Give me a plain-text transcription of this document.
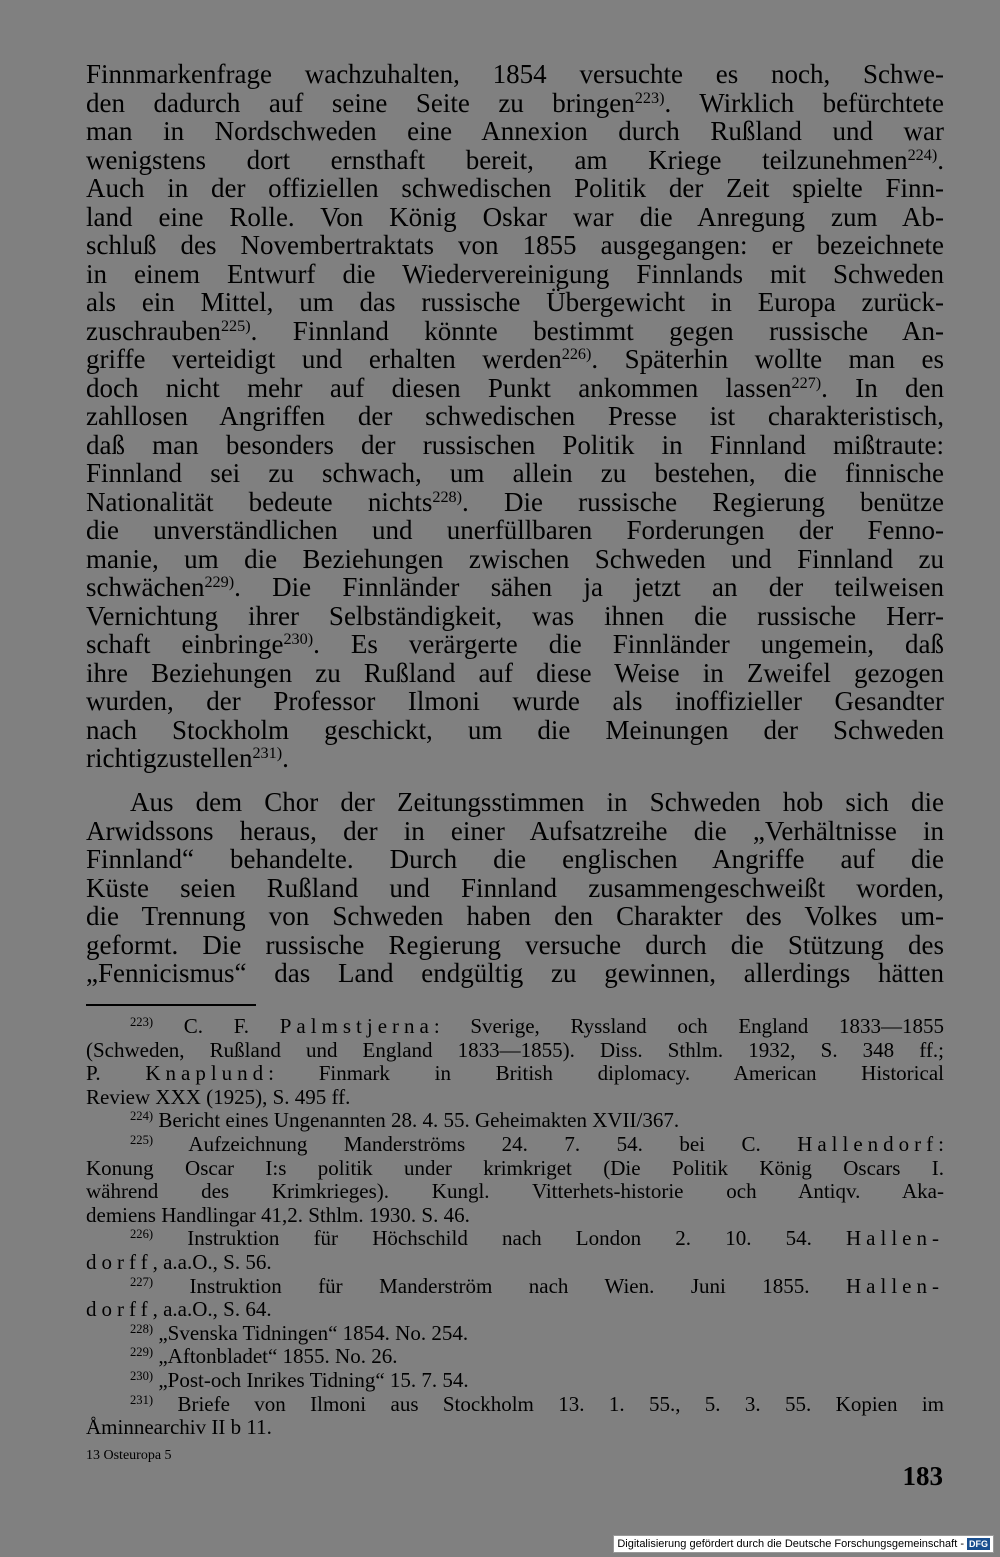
Finnmarkenfrage wachzuhalten, 1854 versuchte es noch, Schwe-
den dadurch auf seine Seite zu bringen$^{223)}$. Wirklich befürchtete
man in Nordschweden eine Annexion durch Rußland und war
wenigstens dort ernsthaft bereit, am Kriege teilzunehmen$^{224)}$.
Auch in der offiziellen schwedischen Politik der Zeit spielte Finn-
land eine Rolle. Von König Oskar war die Anregung zum Ab-
schluß des Novembertraktats von 1855 ausgegangen: er bezeichnete
in einem Entwurf die Wiedervereinigung Finnlands mit Schweden
als ein Mittel, um das russische Übergewicht in Europa zurück-
zuschrauben$^{225)}$. Finnland könnte bestimmt gegen russische An-
griffe verteidigt und erhalten werden$^{226)}$. Späterhin wollte man es
doch nicht mehr auf diesen Punkt ankommen lassen$^{227)}$. In den
zahllosen Angriffen der schwedischen Presse ist charakteristisch,
daß man besonders der russischen Politik in Finnland mißtraute:
Finnland sei zu schwach, um allein zu bestehen, die finnische
Nationalität bedeute nichts$^{228)}$. Die russische Regierung benütze
die unverständlichen und unerfüllbaren Forderungen der Fenno-
manie, um die Beziehungen zwischen Schweden und Finnland zu
schwächen$^{229)}$. Die Finnländer sähen ja jetzt an der teilweisen
Vernichtung ihrer Selbständigkeit, was ihnen die russische Herr-
schaft einbringe$^{230)}$. Es verärgerte die Finnländer ungemein, daß
ihre Beziehungen zu Rußland auf diese Weise in Zweifel gezogen
wurden, der Professor Ilmoni wurde als inoffizieller Gesandter
nach Stockholm geschickt, um die Meinungen der Schweden
richtigzustellen$^{231)}$.
Aus dem Chor der Zeitungsstimmen in Schweden hob sich die
Arwidssons heraus, der in einer Aufsatzreihe die „Verhältnisse in
Finnland“ behandelte. Durch die englischen Angriffe auf die
Küste seien Rußland und Finnland zusammengeschweißt worden,
die Trennung von Schweden haben den Charakter des Volkes um-
geformt. Die russische Regierung versuche durch die Stützung des
„Fennicismus“ das Land endgültig zu gewinnen, allerdings hätten
$^{223)}$ C. F. Palmstjerna: Sverige, Ryssland och England 1833—1855
(Schweden, Rußland und England 1833—1855). Diss. Sthlm. 1932, S. 348 ff.;
P. Knaplund: Finmark in British diplomacy. American Historical
Review XXX (1925), S. 495 ff.
$^{224)}$ Bericht eines Ungenannten 28. 4. 55. Geheimakten XVII/367.
$^{225)}$ Aufzeichnung Manderströms 24. 7. 54. bei C. Hallendorf:
Konung Oscar I:s politik under krimkriget (Die Politik König Oscars I.
während des Krimkrieges). Kungl. Vitterhets-historie och Antiqv. Aka-
demiens Handlingar 41,2. Sthlm. 1930. S. 46.
$^{226)}$ Instruktion für Höchschild nach London 2. 10. 54. Hallen-
dorff, a.a.O., S. 56.
$^{227)}$ Instruktion für Manderström nach Wien. Juni 1855. Hallen-
dorff, a.a.O., S. 64.
$^{228)}$ „Svenska Tidningen“ 1854. No. 254.
$^{229)}$ „Aftonbladet“ 1855. No. 26.
$^{230)}$ „Post-och Inrikes Tidning“ 15. 7. 54.
$^{231)}$ Briefe von Ilmoni aus Stockholm 13. 1. 55., 5. 3. 55. Kopien im
Åminnearchiv II b 11.
13 Osteuropa 5
183
Digitalisierung gefördert durch die Deutsche Forschungsgemeinschaft - DFG
